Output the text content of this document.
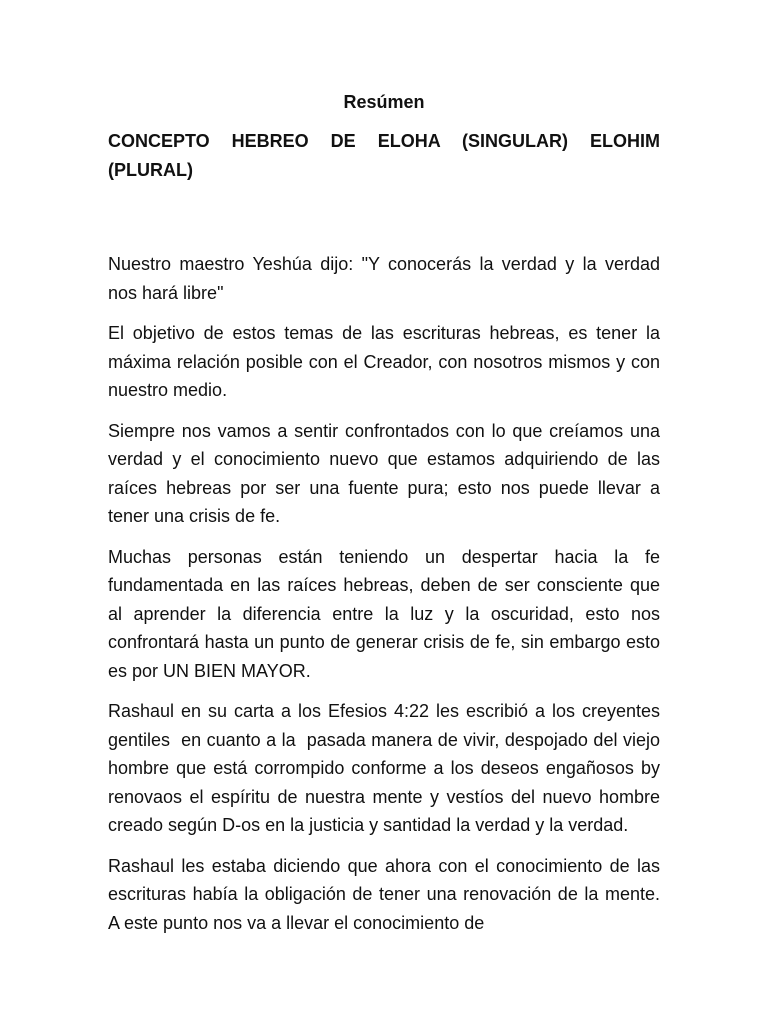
Resúmen
CONCEPTO HEBREO DE ELOHA (SINGULAR) ELOHIM (PLURAL)

Nuestro maestro Yeshúa dijo: "Y conocerás la verdad y la verdad nos hará libre"

El objetivo de estos temas de las escrituras hebreas, es tener la máxima relación posible con el Creador, con nosotros mismos y con nuestro medio.

Siempre nos vamos a sentir confrontados con lo que creíamos una verdad y el conocimiento nuevo que estamos adquiriendo de las raíces hebreas por ser una fuente pura; esto nos puede llevar a tener una crisis de fe.

Muchas personas están teniendo un despertar hacia la fe fundamentada en las raíces hebreas, deben de ser consciente que al aprender la diferencia entre la luz y la oscuridad, esto nos confrontará hasta un punto de generar crisis de fe, sin embargo esto es por UN BIEN MAYOR.

Rashaul en su carta a los Efesios 4:22 les escribió a los creyentes gentiles  en cuanto a la  pasada manera de vivir, despojado del viejo hombre que está corrompido conforme a los deseos engañosos by renovaos el espíritu de nuestra mente y vestíos del nuevo hombre creado según D-os en la justicia y santidad la verdad y la verdad.

Rashaul les estaba diciendo que ahora con el conocimiento de las escrituras había la obligación de tener una renovación de la mente. A este punto nos va a llevar el conocimiento de
